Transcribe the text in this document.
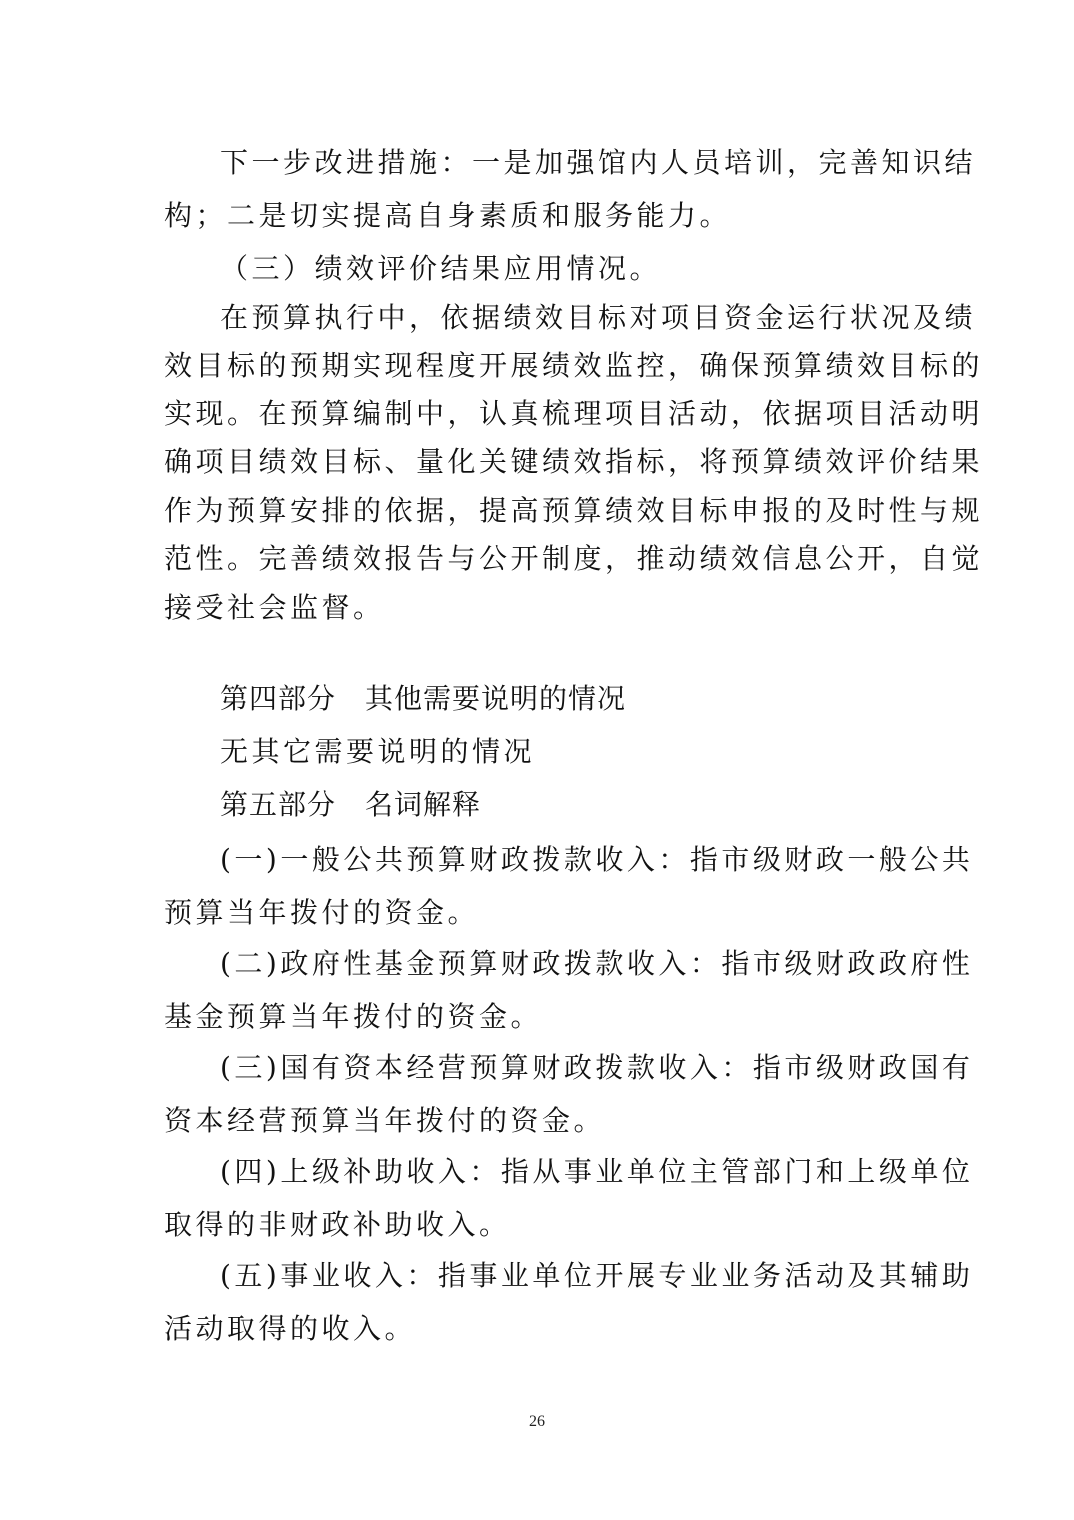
下一步改进措施：一是加强馆内人员培训，完善知识结
构；二是切实提高自身素质和服务能力。
（三）绩效评价结果应用情况。
在预算执行中，依据绩效目标对项目资金运行状况及绩
效目标的预期实现程度开展绩效监控，确保预算绩效目标的
实现。在预算编制中，认真梳理项目活动，依据项目活动明
确项目绩效目标、量化关键绩效指标，将预算绩效评价结果
作为预算安排的依据，提高预算绩效目标申报的及时性与规
范性。完善绩效报告与公开制度，推动绩效信息公开，自觉
接受社会监督。
第四部分　其他需要说明的情况
无其它需要说明的情况
第五部分　名词解释
(一)一般公共预算财政拨款收入：指市级财政一般公共
预算当年拨付的资金。
(二)政府性基金预算财政拨款收入：指市级财政政府性
基金预算当年拨付的资金。
(三)国有资本经营预算财政拨款收入：指市级财政国有
资本经营预算当年拨付的资金。
(四)上级补助收入：指从事业单位主管部门和上级单位
取得的非财政补助收入。
(五)事业收入：指事业单位开展专业业务活动及其辅助
活动取得的收入。
26
